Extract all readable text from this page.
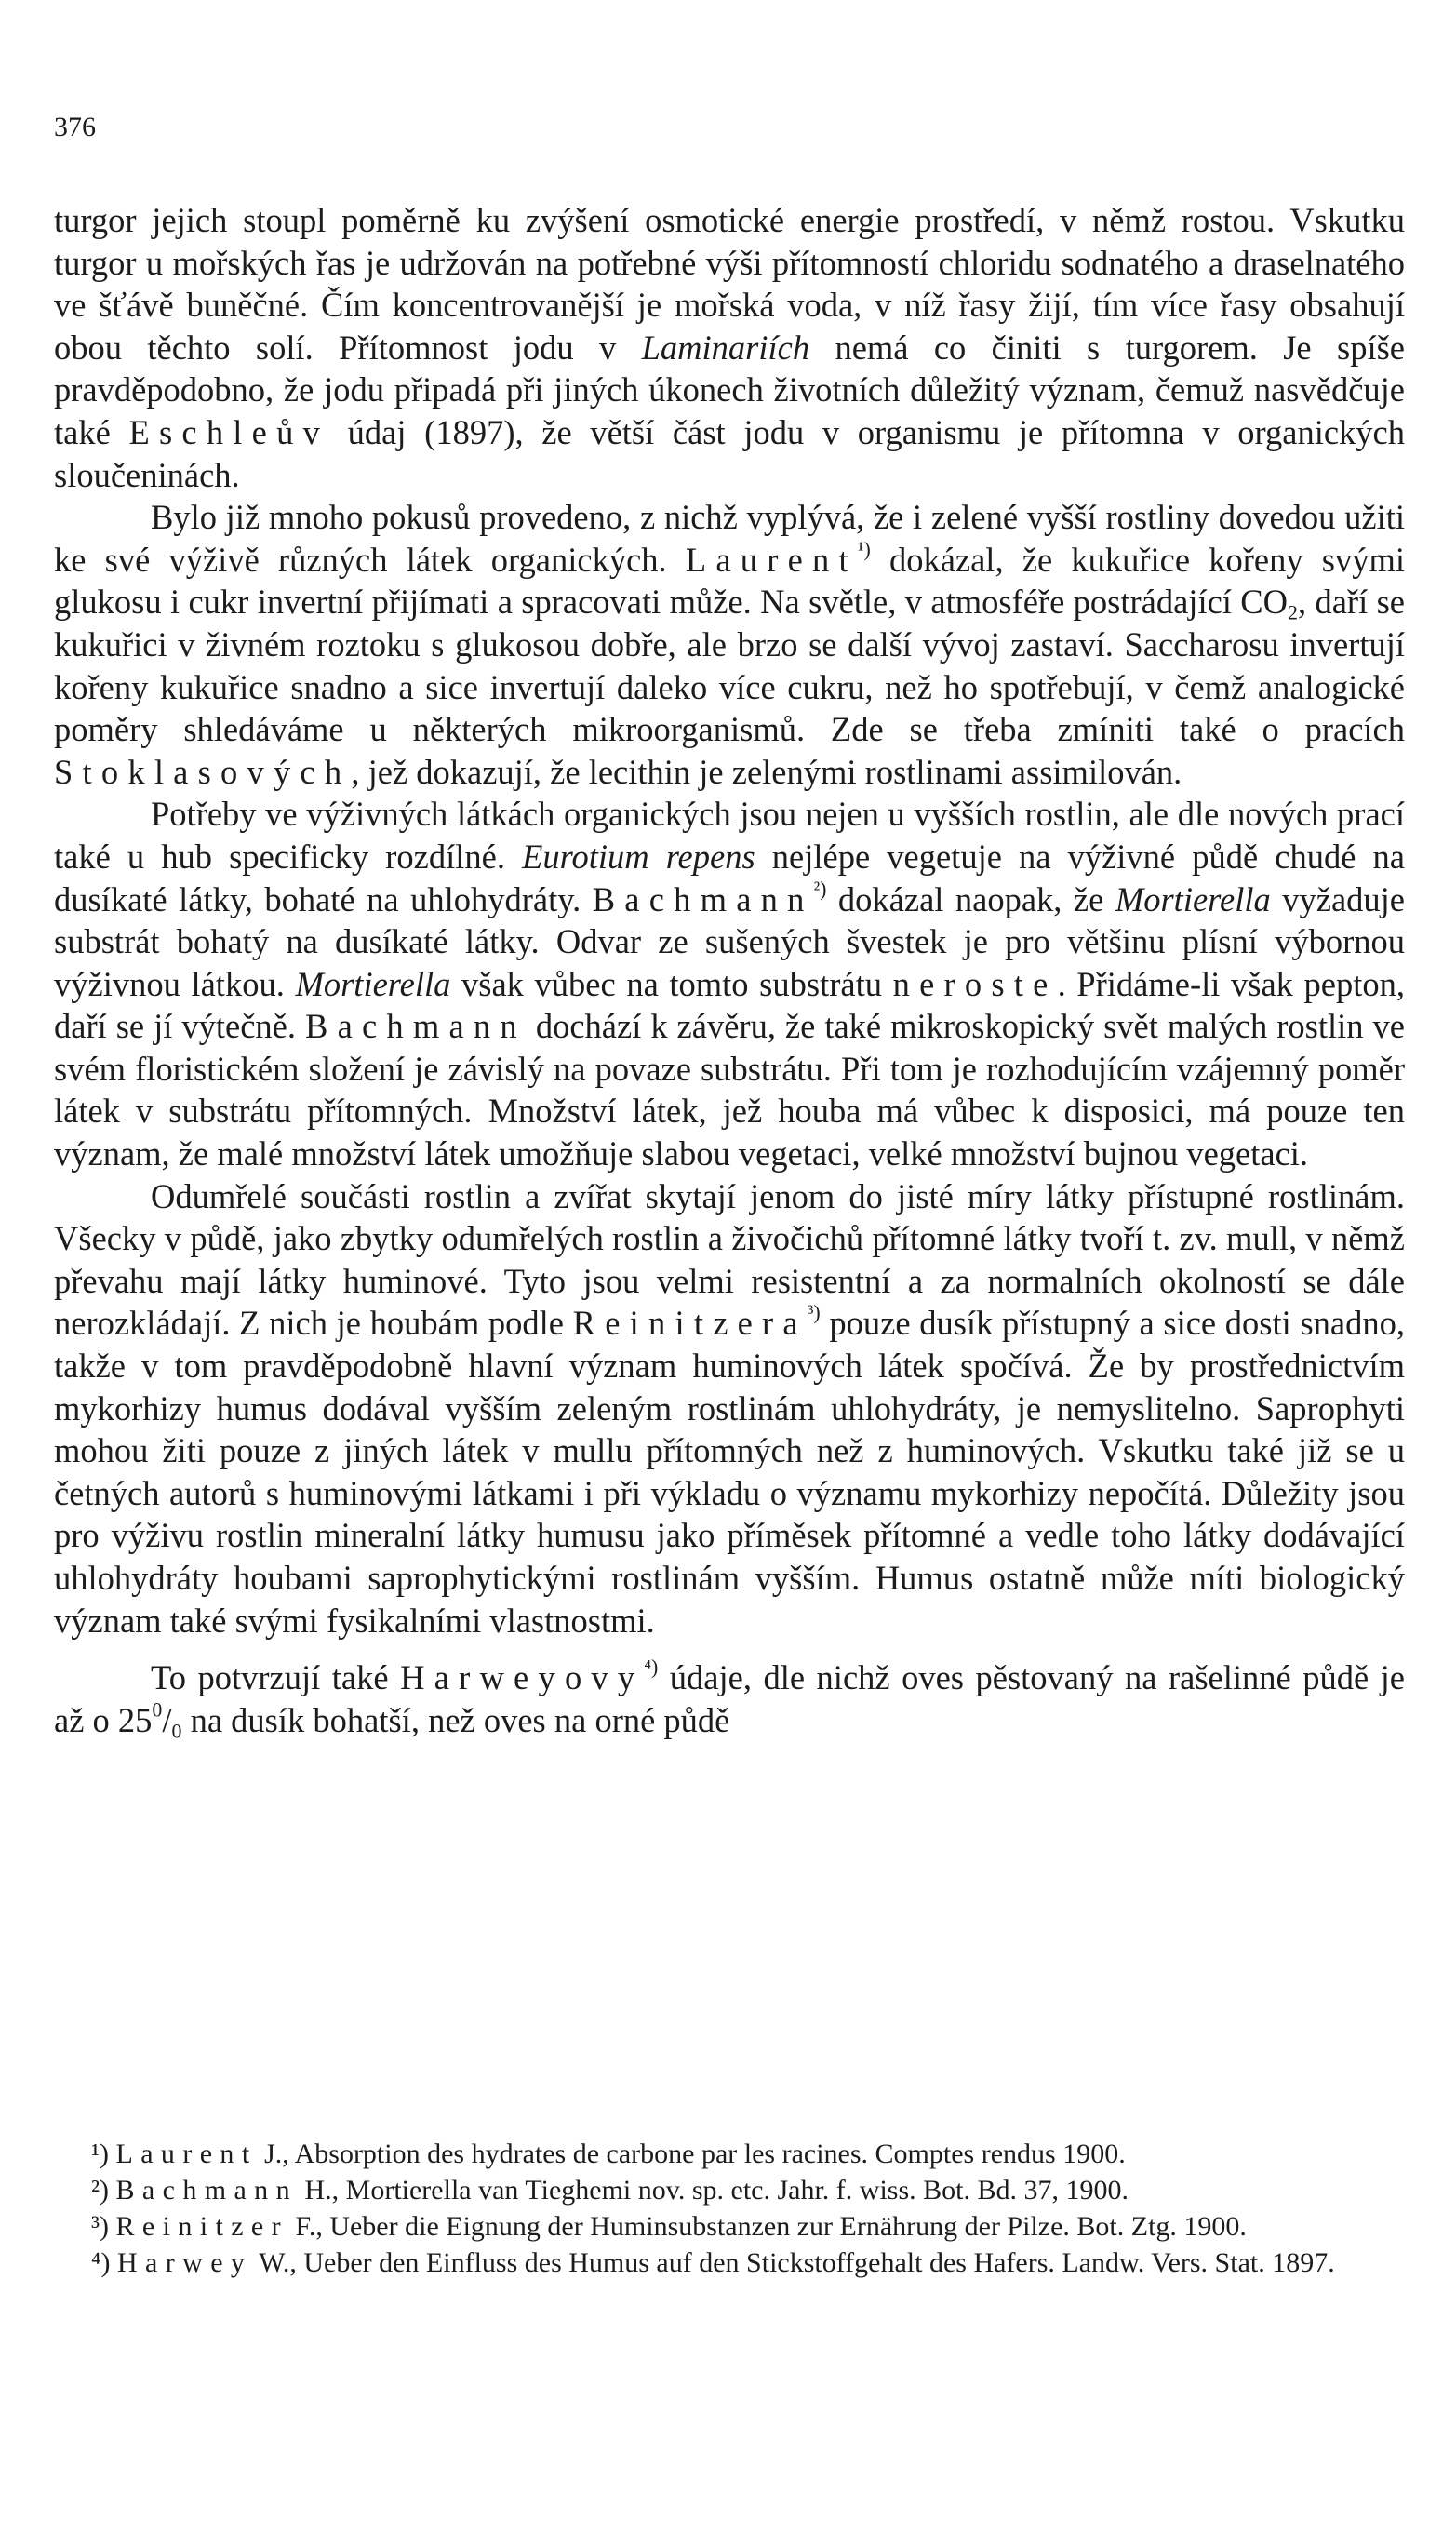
376

turgor jejich stoupl poměrně ku zvýšení osmotické energie prostředí, v němž rostou. Vskutku turgor u mořských řas je udržován na potřebné výši přítomností chloridu sodnatého a draselnatého ve šťávě buněčné. Čím koncentrovanější je mořská voda, v níž řasy žijí, tím více řasy obsahují obou těchto solí. Přítomnost jodu v Laminariích nemá co činiti s turgorem. Je spíše pravděpodobno, že jodu připadá při jiných úkonech životních důležitý význam, čemuž nasvědčuje také Eschleův údaj (1897), že větší část jodu v organismu je přítomna v organických sloučeninách.

Bylo již mnoho pokusů provedeno, z nichž vyplývá, že i zelené vyšší rostliny dovedou užiti ke své výživě různých látek organických. Laurent$^{^1)}$ dokázal, že kukuřice kořeny svými glukosu i cukr invertní přijímati a spracovati může. Na světle, v atmosféře postrádající $CO_2$, daří se kukuřici v živném roztoku s glukosou dobře, ale brzo se další vývoj zastaví. Saccharosu invertují kořeny kukuřice snadno a sice invertují daleko více cukru, než ho spotřebují, v čemž analogické poměry shledáváme u některých mikroorganismů. Zde se třeba zmíniti také o pracích Stoklasových, jež dokazují, že lecithin je zelenými rostlinami assimilován.

Potřeby ve výživných látkách organických jsou nejen u vyšších rostlin, ale dle nových prací také u hub specificky rozdílné. Eurotium repens nejlépe vegetuje na výživné půdě chudé na dusíkaté látky, bohaté na uhlohydráty. Bachmann$^{^2)}$ dokázal naopak, že Mortierella vyžaduje substrát bohatý na dusíkaté látky. Odvar ze sušených švestek je pro většinu plísní výbornou výživnou látkou. Mortierella však vůbec na tomto substrátu neroste. Přidáme-li však pepton, daří se jí výtečně. Bachmann dochází k závěru, že také mikroskopický svět malých rostlin ve svém floristickém složení je závislý na povaze substrátu. Při tom je rozhodujícím vzájemný poměr látek v substrátu přítomných. Množství látek, jež houba má vůbec k disposici, má pouze ten význam, že malé množství látek umožňuje slabou vegetaci, velké množství bujnou vegetaci.

Odumřelé součásti rostlin a zvířat skytají jenom do jisté míry látky přístupné rostlinám. Všecky v půdě, jako zbytky odumřelých rostlin a živočichů přítomné látky tvoří t. zv. mull, v němž převahu mají látky huminové. Tyto jsou velmi resistentní a za normalních okolností se dále nerozkládají. Z nich je houbám podle Reinitzera$^{^3)}$ pouze dusík přístupný a sice dosti snadno, takže v tom pravděpodobně hlavní význam huminových látek spočívá. Že by prostřednictvím mykorhizy humus dodával vyšším zeleným rostlinám uhlohydráty, je nemyslitelno. Saprophyti mohou žiti pouze z jiných látek v mullu přítomných než z huminových. Vskutku také již se u četných autorů s huminovými látkami i při výkladu o významu mykorhizy nepočítá. Důležity jsou pro výživu rostlin mineralní látky humusu jako příměsek přítomné a vedle toho látky dodávající uhlohydráty houbami saprophytickými rostlinám vyšším. Humus ostatně může míti biologický význam také svými fysikalními vlastnostmi.

To potvrzují také Harweyovy$^{^4)}$ údaje, dle nichž oves pěstovaný na rašelinné půdě je až o $25^0/_0$ na dusík bohatší, než oves na orné půdě

¹) Laurent J., Absorption des hydrates de carbone par les racines. Comptes rendus 1900.

²) Bachmann H., Mortierella van Tieghemi nov. sp. etc. Jahr. f. wiss. Bot. Bd. 37, 1900.

³) Reinitzer F., Ueber die Eignung der Huminsubstanzen zur Ernährung der Pilze. Bot. Ztg. 1900.

⁴) Harwey W., Ueber den Einfluss des Humus auf den Stickstoffgehalt des Hafers. Landw. Vers. Stat. 1897.
